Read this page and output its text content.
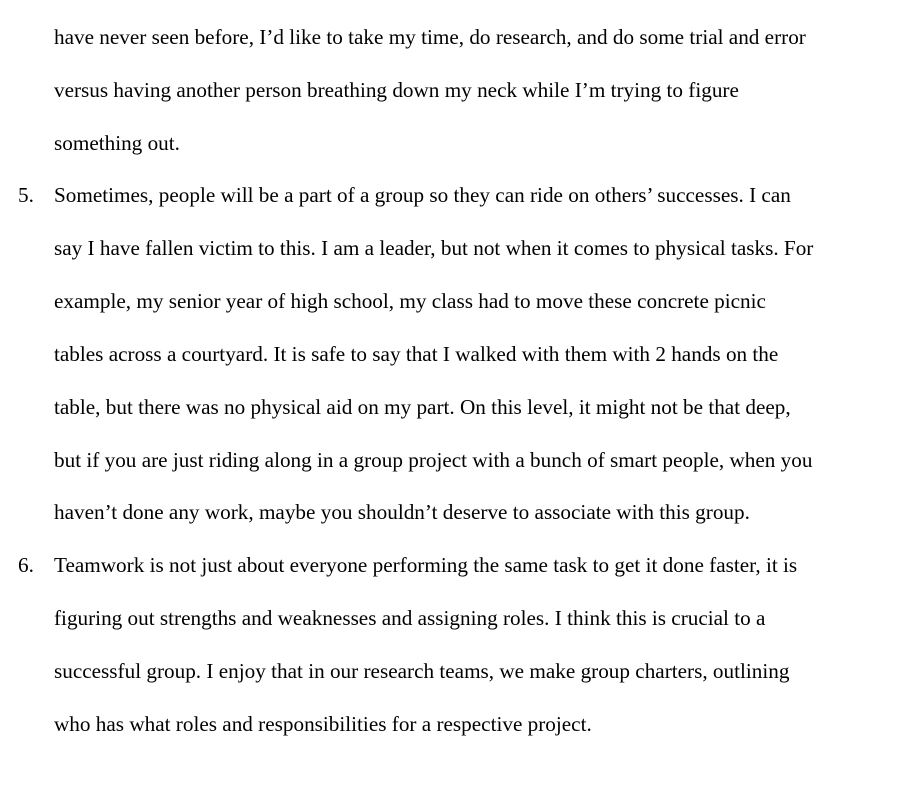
have never seen before, I’d like to take my time, do research, and do some trial and error
versus having another person breathing down my neck while I’m trying to figure
something out.
5. Sometimes, people will be a part of a group so they can ride on others’ successes. I can
say I have fallen victim to this. I am a leader, but not when it comes to physical tasks. For
example, my senior year of high school, my class had to move these concrete picnic
tables across a courtyard. It is safe to say that I walked with them with 2 hands on the
table, but there was no physical aid on my part. On this level, it might not be that deep,
but if you are just riding along in a group project with a bunch of smart people, when you
haven’t done any work, maybe you shouldn’t deserve to associate with this group.
6. Teamwork is not just about everyone performing the same task to get it done faster, it is
figuring out strengths and weaknesses and assigning roles. I think this is crucial to a
successful group. I enjoy that in our research teams, we make group charters, outlining
who has what roles and responsibilities for a respective project.
